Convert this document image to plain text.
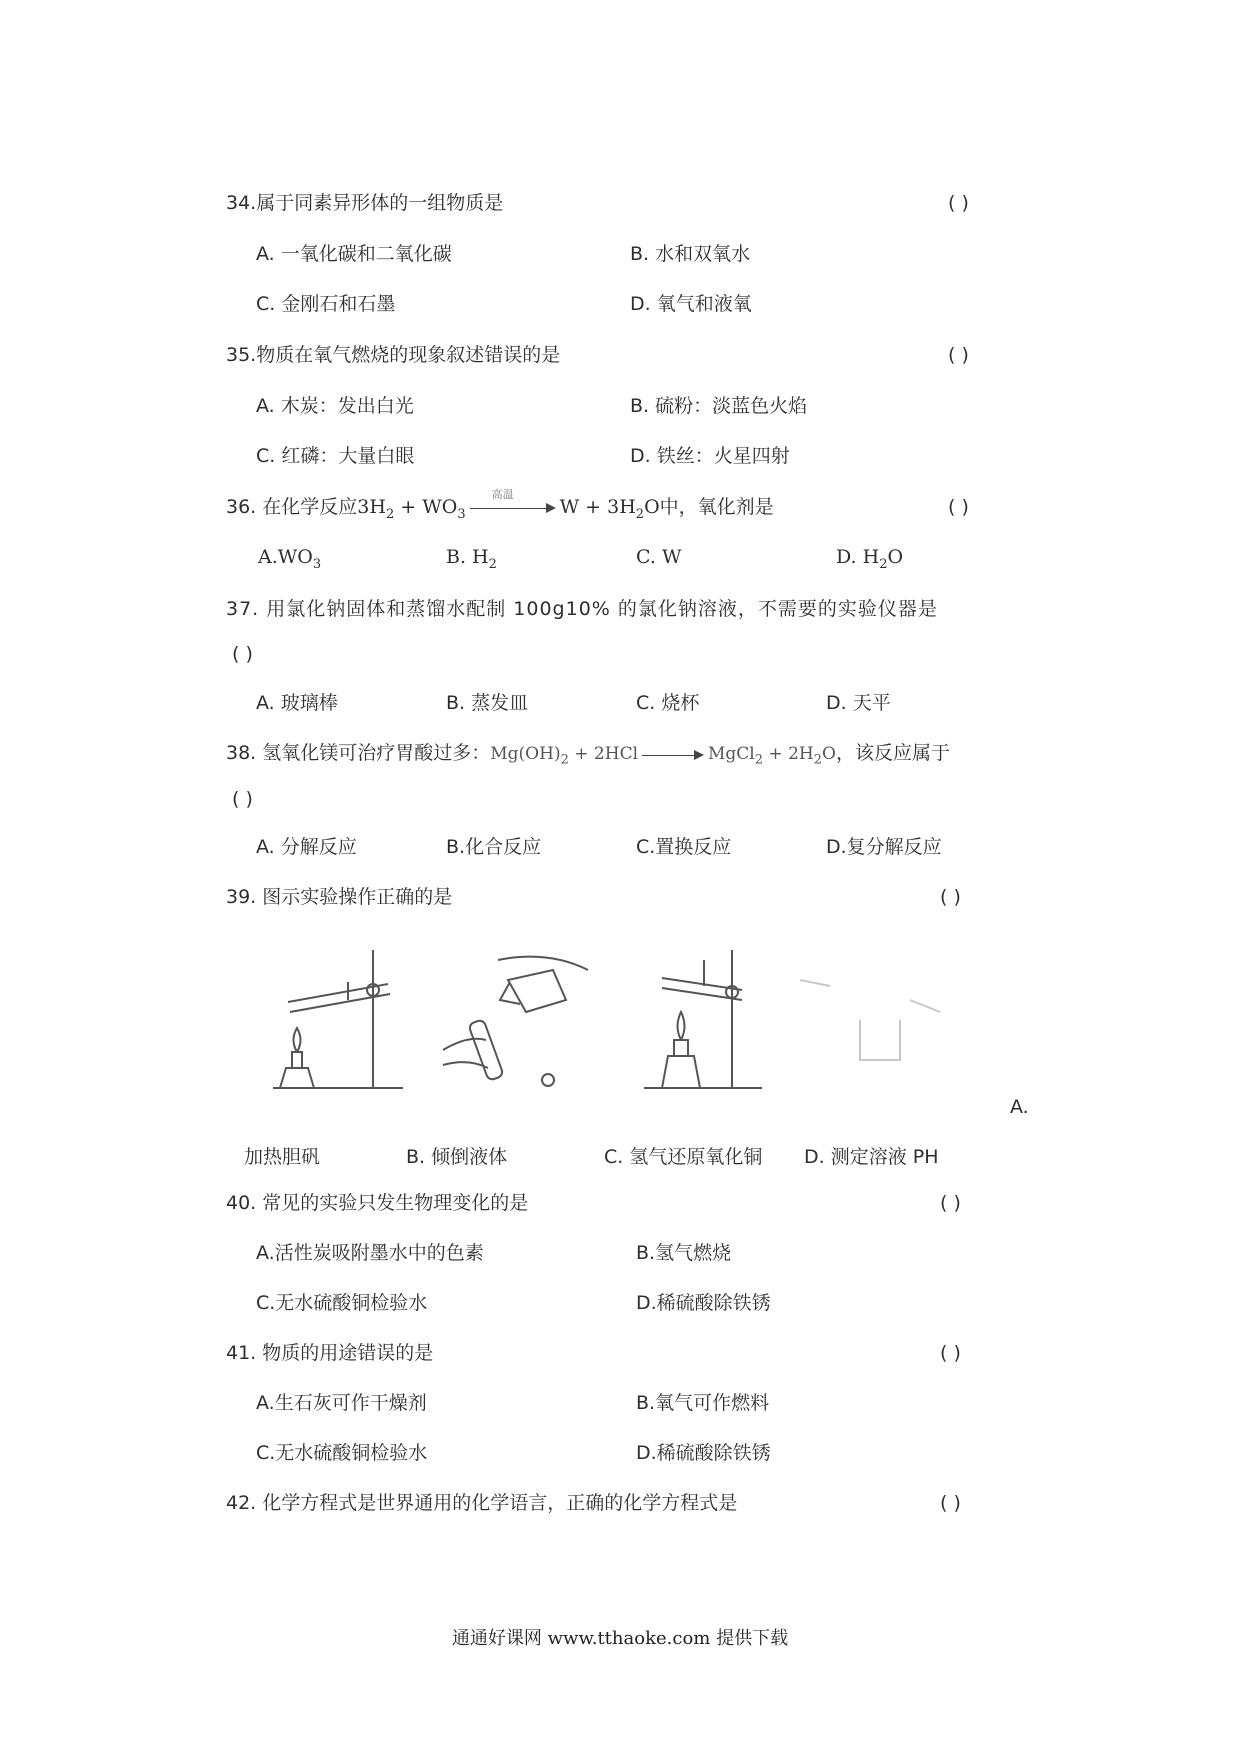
34.属于同素异形体的一组物质是	( )
A. 一氧化碳和二氧化碳	B. 水和双氧水
C. 金刚石和石墨	D. 氧气和液氧
35.物质在氧气燃烧的现象叙述错误的是	( )
A. 木炭：发出白光	B. 硫粉：淡蓝色火焰
C. 红磷：大量白眼	D. 铁丝：火星四射
36. 在化学反应$3H_2 + WO_3$
高温
$W + 3H_2O$中，氧化剂是	( )
$A.WO_3$	B. $H_2$	C. W	D. $H_2O$
37. 用氯化钠固体和蒸馏水配制 100g10% 的氯化钠溶液，不需要的实验仪器是
( )
A. 玻璃棒	B. 蒸发皿	C. 烧杯	D. 天平
38. 氢氧化镁可治疗胃酸过多：$Mg(OH)_2 + 2HCl$	MgCl$_2$ + $2H_2O$，该反应属于
( )
A. 分解反应	B.化合反应	C.置换反应	D.复分解反应
39. 图示实验操作正确的是	( )
A.
加热胆矾	B. 倾倒液体	C. 氢气还原氧化铜 D. 测定溶液 PH
40. 常见的实验只发生物理变化的是	( )
A.活性炭吸附墨水中的色素	B.氢气燃烧
C.无水硫酸铜检验水	D.稀硫酸除铁锈
41. 物质的用途错误的是	( )
A.生石灰可作干燥剂	B.氧气可作燃料
C.无水硫酸铜检验水	D.稀硫酸除铁锈
42. 化学方程式是世界通用的化学语言，正确的化学方程式是	( )
通通好课网 www.tthaoke.com 提供下载
